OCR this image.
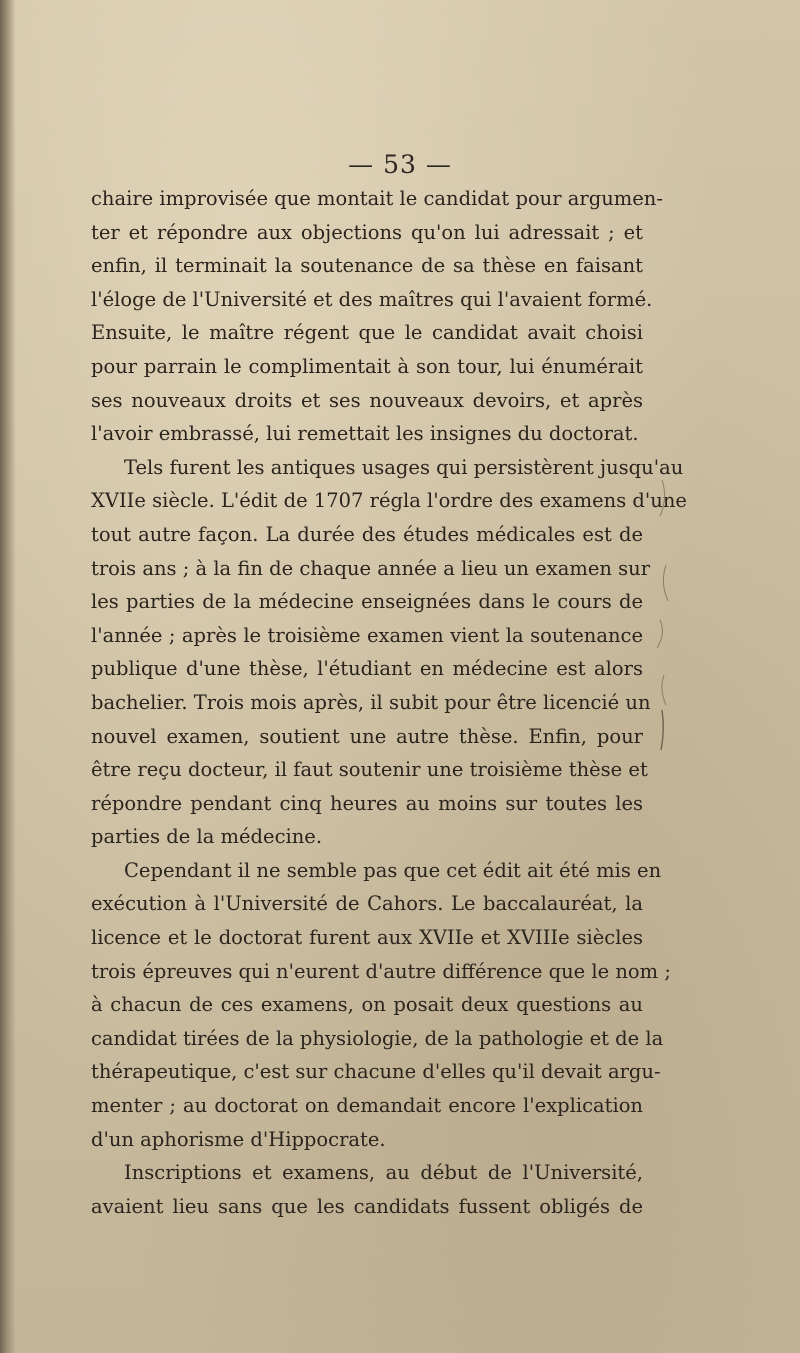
— 53 —
chaire improvisée que montait le candidat pour argumen-
ter et répondre aux objections qu'on lui adressait ; et
enfin, il terminait la soutenance de sa thèse en faisant
l'éloge de l'Université et des maîtres qui l'avaient formé.
Ensuite, le maître régent que le candidat avait choisi
pour parrain le complimentait à son tour, lui énumérait
ses nouveaux droits et ses nouveaux devoirs, et après
l'avoir embrassé, lui remettait les insignes du doctorat.
Tels furent les antiques usages qui persistèrent jusqu'au
XVIIe siècle. L'édit de 1707 régla l'ordre des examens d'une
tout autre façon. La durée des études médicales est de
trois ans ; à la fin de chaque année a lieu un examen sur
les parties de la médecine enseignées dans le cours de
l'année ; après le troisième examen vient la soutenance
publique d'une thèse, l'étudiant en médecine est alors
bachelier. Trois mois après, il subit pour être licencié un
nouvel examen, soutient une autre thèse. Enfin, pour
être reçu docteur, il faut soutenir une troisième thèse et
répondre pendant cinq heures au moins sur toutes les
parties de la médecine.
Cependant il ne semble pas que cet édit ait été mis en
exécution à l'Université de Cahors. Le baccalauréat, la
licence et le doctorat furent aux XVIIe et XVIIIe siècles
trois épreuves qui n'eurent d'autre différence que le nom ;
à chacun de ces examens, on posait deux questions au
candidat tirées de la physiologie, de la pathologie et de la
thérapeutique, c'est sur chacune d'elles qu'il devait argu-
menter ; au doctorat on demandait encore l'explication
d'un aphorisme d'Hippocrate.
Inscriptions et examens, au début de l'Université,
avaient lieu sans que les candidats fussent obligés de
